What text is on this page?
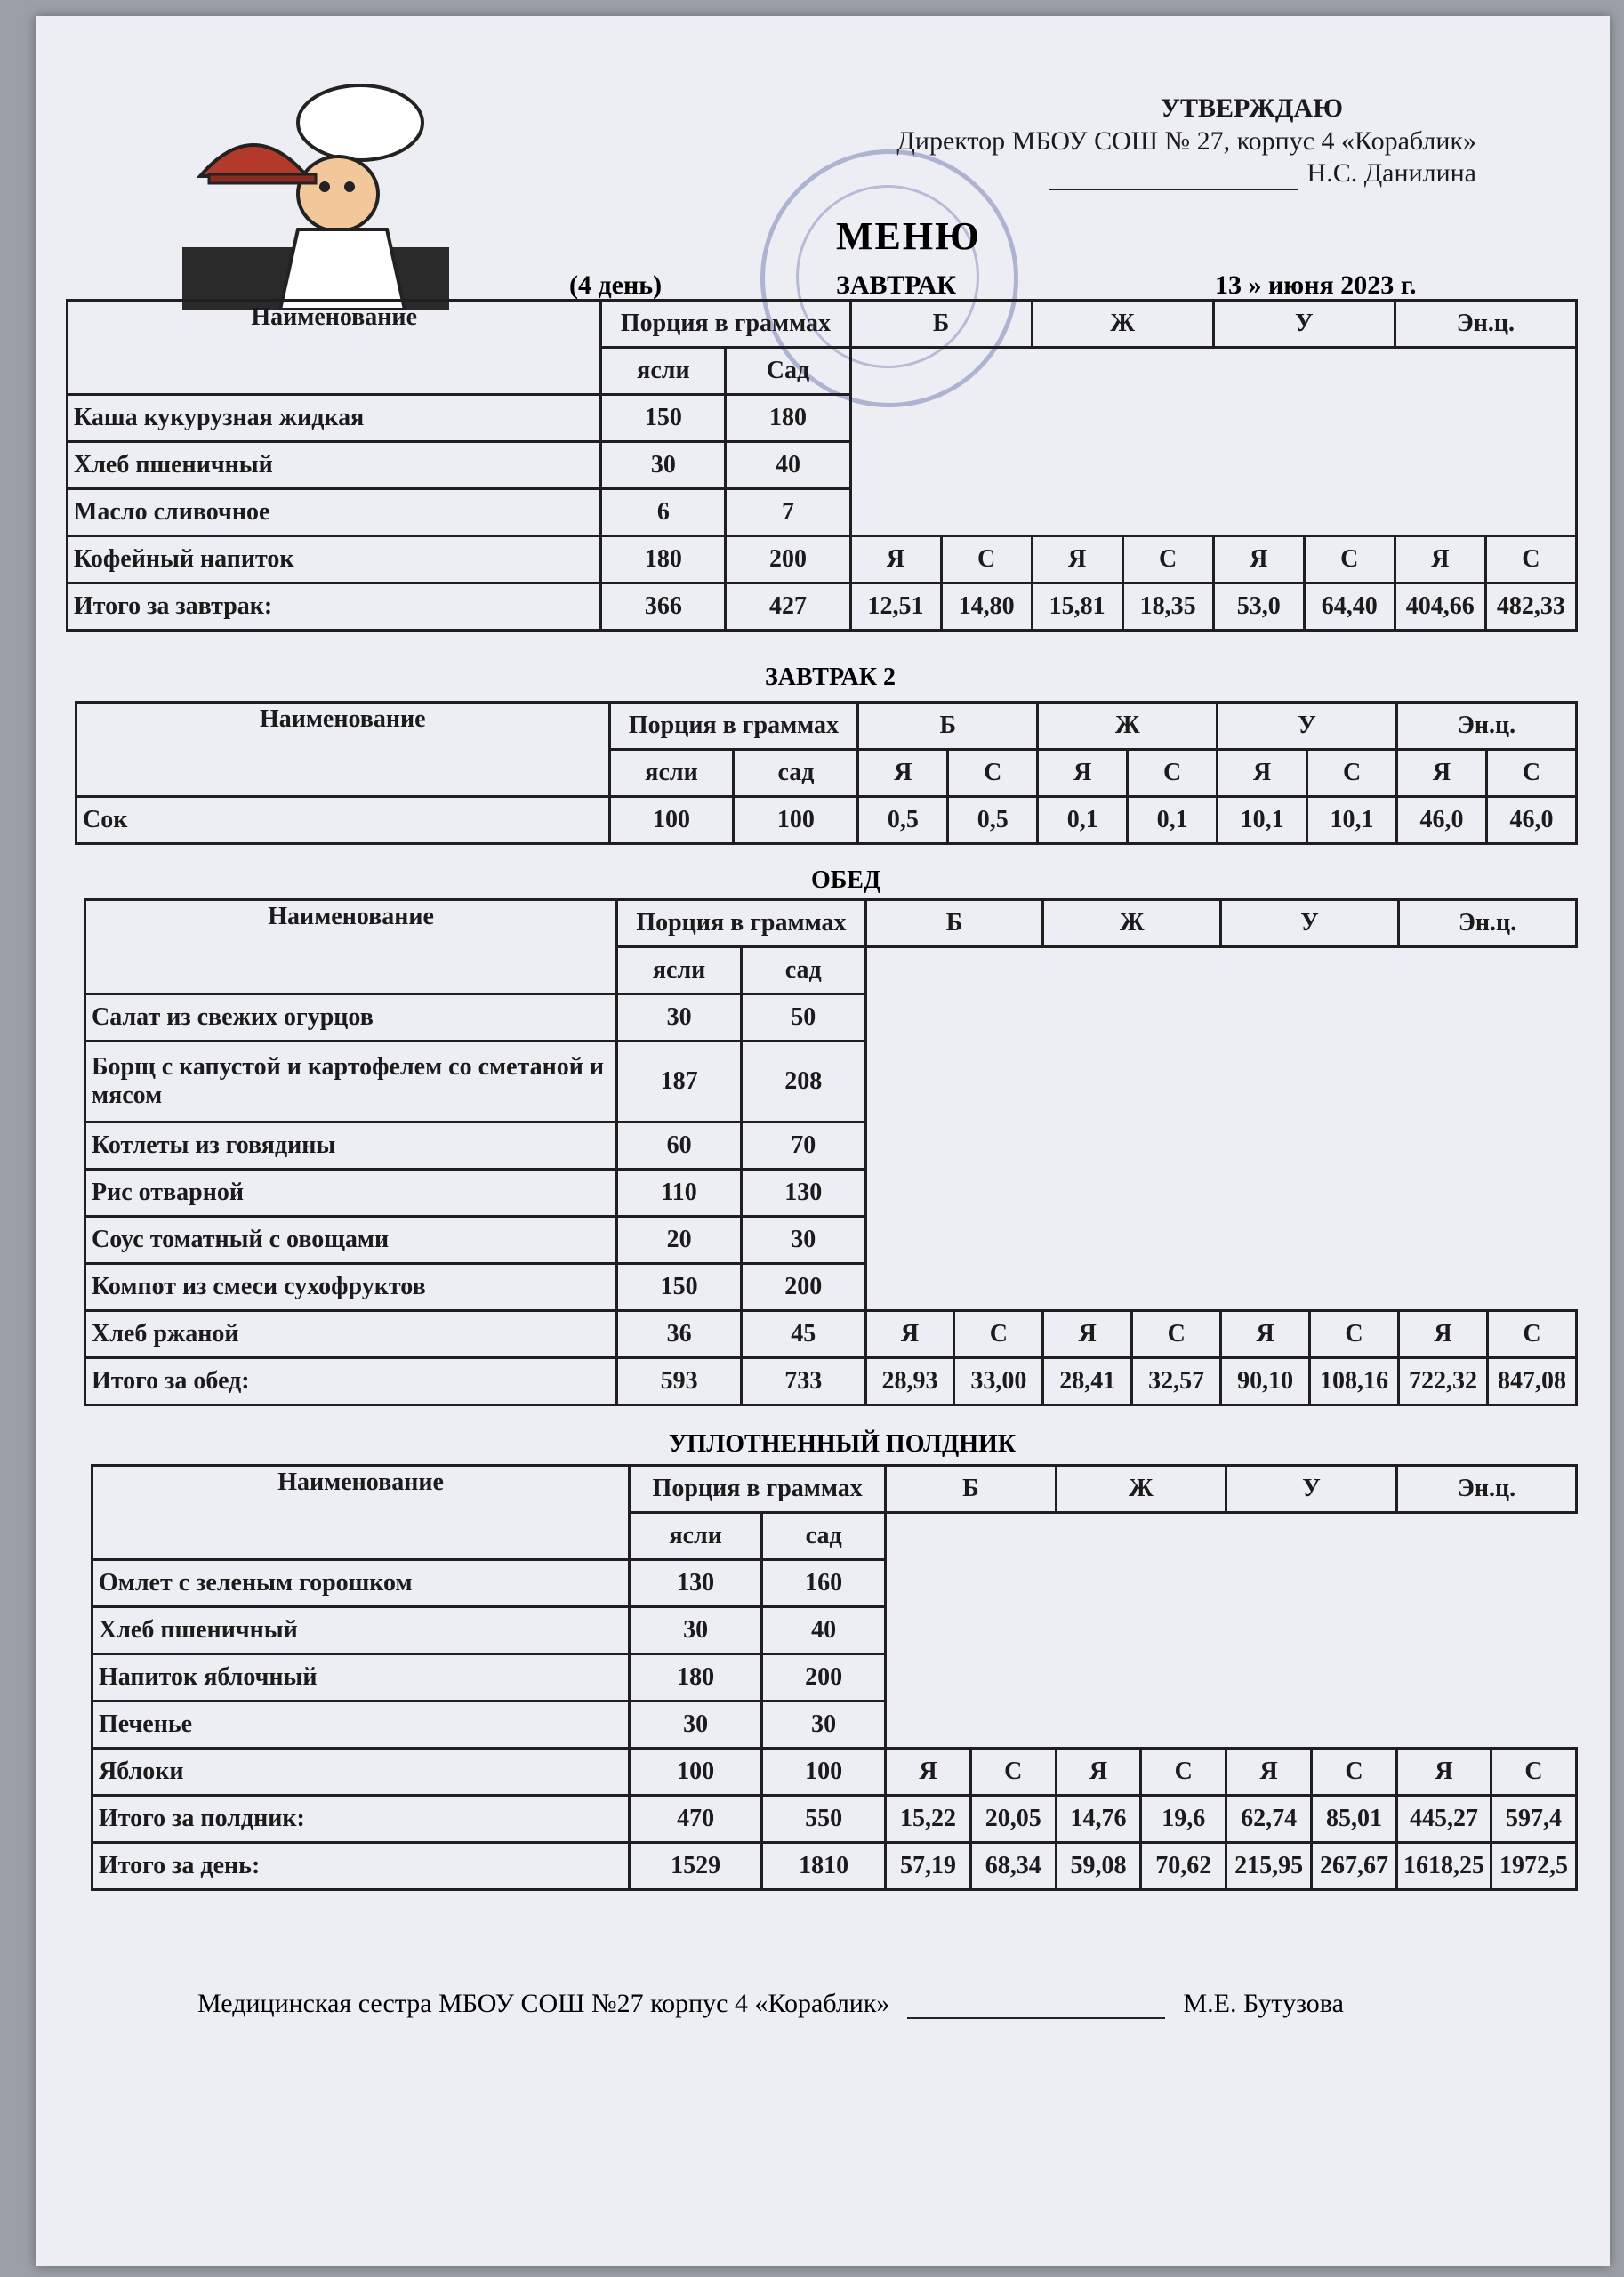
УТВЕРЖДАЮ
Директор МБОУ СОШ № 27, корпус 4 «Кораблик»
Н.С. Данилина
МЕНЮ
(4 день)	ЗАВТРАК	13 » июня 2023 г.
Наименование	Порция в граммах		Б		Ж		У		Эн.ц.	
	ясли	Сад								
Каша кукурузная жидкая	150	180								
Хлеб пшеничный	30	40								
Масло сливочное	6	7								
Кофейный напиток	180	200	Я	С	Я	С	Я	С	Я	С
Итого за завтрак:	366	427	12,51	14,80	15,81	18,35	53,0	64,40	404,66	482,33
ЗАВТРАК 2
Наименование	Порция в граммах		Б		Ж		У		Эн.ц.	
	ясли	сад	Я	С	Я	С	Я	С	Я	С
Сок	100	100	0,5	0,5	0,1	0,1	10,1	10,1	46,0	46,0
ОБЕД
Наименование	Порция в граммах		Б		Ж		У		Эн.ц.	
	ясли	сад								
Салат из свежих огурцов	30	50								
Борщ с капустой и картофелем со сметаной и мясом	187	208								
Котлеты из говядины	60	70								
Рис отварной	110	130								
Соус томатный с овощами	20	30								
Компот из смеси сухофруктов	150	200								
Хлеб ржаной	36	45	Я	С	Я	С	Я	С	Я	С
Итого за обед:	593	733	28,93	33,00	28,41	32,57	90,10	108,16	722,32	847,08
УПЛОТНЕННЫЙ ПОЛДНИК
Наименование	Порция в граммах		Б		Ж		У		Эн.ц.	
	ясли	сад								
Омлет с зеленым горошком	130	160								
Хлеб пшеничный	30	40								
Напиток яблочный	180	200								
Печенье	30	30								
Яблоки	100	100	Я	С	Я	С	Я	С	Я	С
Итого за полдник:	470	550	15,22	20,05	14,76	19,6	62,74	85,01	445,27	597,4
Итого за день:	1529	1810	57,19	68,34	59,08	70,62	215,95	267,67	1618,25	1972,5
Медицинская сестра МБОУ СОШ №27 корпус 4 «Кораблик»	М.Е. Бутузова
